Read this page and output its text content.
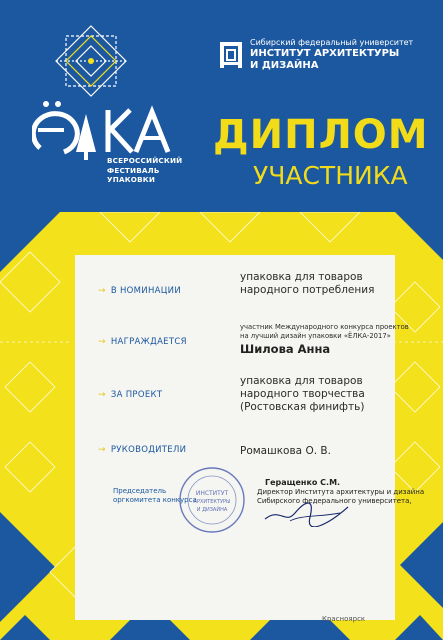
ВСЕРОССИЙСКИЙ
ФЕСТИВАЛЬ
УПАКОВКИ
Сибирский федеральный университет
ИНСТИТУТ АРХИТЕКТУРЫ
И ДИЗАЙНА
ДИПЛОМ
УЧАСТНИКА
→ В НОМИНАЦИИ
упаковка для товаров
народного потребления
→ НАГРАЖДАЕТСЯ
участник Международного конкурса проектов
на лучший дизайн упаковки «ЁЛКА-2017»
Шилова Анна
→ ЗА ПРОЕКТ
упаковка для товаров
народного творчества
(Ростовская финифть)
→ РУКОВОДИТЕЛИ	Ромашкова О. В.
Председатель
оргкомитета конкурса
ИНСТИТУТ
АРХИТЕКТУРЫ
И ДИЗАЙНА
Геращенко С.М.
Директор Института архитектуры и дизайна
Сибирского федерального университета,
Красноярск
